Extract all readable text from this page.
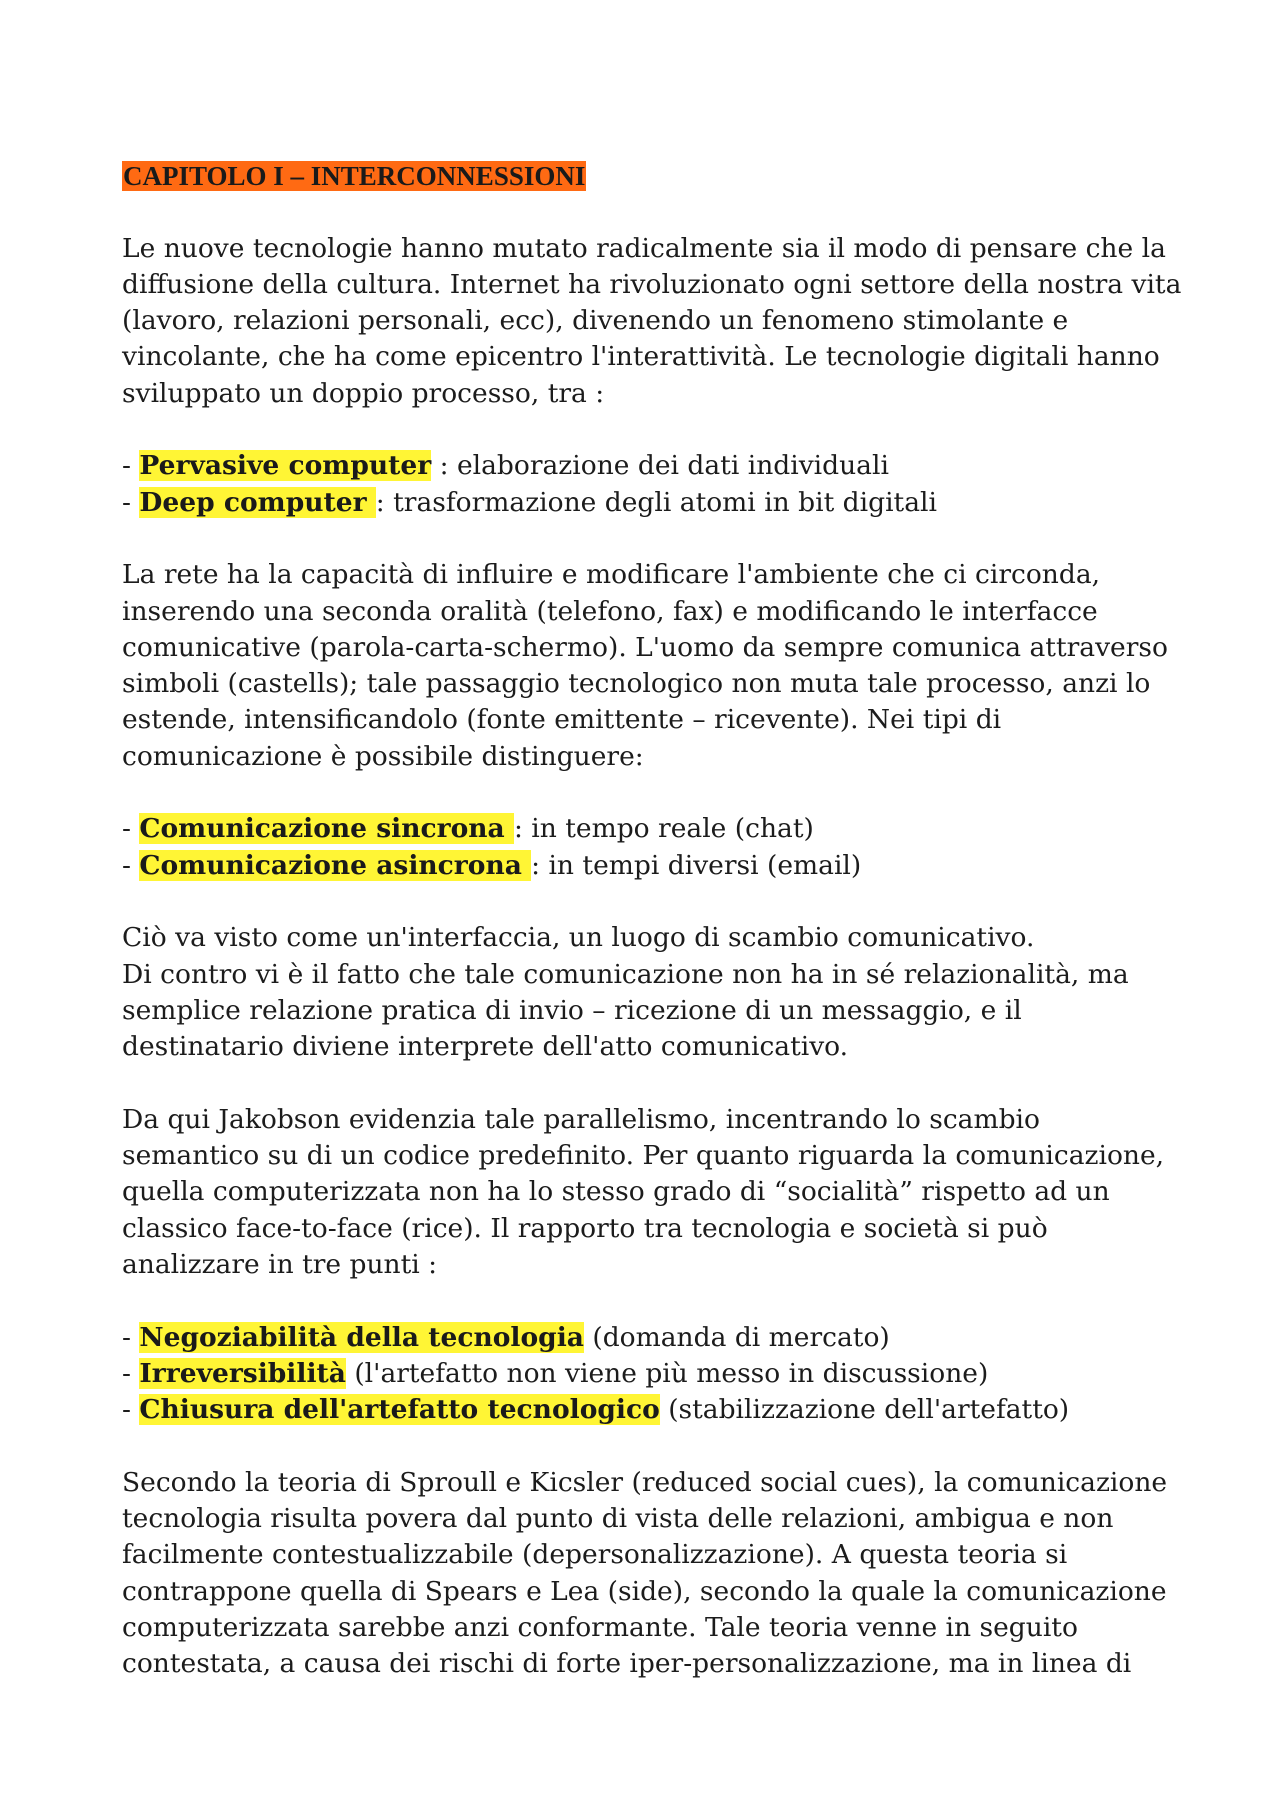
CAPITOLO I – INTERCONNESSIONI

Le nuove tecnologie hanno mutato radicalmente sia il modo di pensare che la diffusione della cultura. Internet ha rivoluzionato ogni settore della nostra vita (lavoro, relazioni personali, ecc), divenendo un fenomeno stimolante e vincolante, che ha come epicentro l'interattività. Le tecnologie digitali hanno sviluppato un doppio processo, tra :

- Pervasive computer : elaborazione dei dati individuali

- Deep computer : trasformazione degli atomi in bit digitali

La rete ha la capacità di influire e modificare l'ambiente che ci circonda, inserendo una seconda oralità (telefono, fax) e modificando le interfacce comunicative (parola-carta-schermo). L'uomo da sempre comunica attraverso simboli (castells); tale passaggio tecnologico non muta tale processo, anzi lo estende, intensificandolo (fonte emittente – ricevente). Nei tipi di comunicazione è possibile distinguere:

- Comunicazione sincrona : in tempo reale (chat)

- Comunicazione asincrona : in tempi diversi (email)

Ciò va visto come un'interfaccia, un luogo di scambio comunicativo.

Di contro vi è il fatto che tale comunicazione non ha in sé relazionalità, ma semplice relazione pratica di invio – ricezione di un messaggio, e il destinatario diviene interprete dell'atto comunicativo.

Da qui Jakobson evidenzia tale parallelismo, incentrando lo scambio semantico su di un codice predefinito. Per quanto riguarda la comunicazione, quella computerizzata non ha lo stesso grado di “socialità” rispetto ad un classico face-to-face (rice). Il rapporto tra tecnologia e società si può analizzare in tre punti :

- Negoziabilità della tecnologia (domanda di mercato)

- Irreversibilità (l'artefatto non viene più messo in discussione)

- Chiusura dell'artefatto tecnologico (stabilizzazione dell'artefatto)

Secondo la teoria di Sproull e Kicsler (reduced social cues), la comunicazione tecnologia risulta povera dal punto di vista delle relazioni, ambigua e non facilmente contestualizzabile (depersonalizzazione). A questa teoria si contrappone quella di Spears e Lea (side), secondo la quale la comunicazione computerizzata sarebbe anzi conformante. Tale teoria venne in seguito contestata, a causa dei rischi di forte iper-personalizzazione, ma in linea di
